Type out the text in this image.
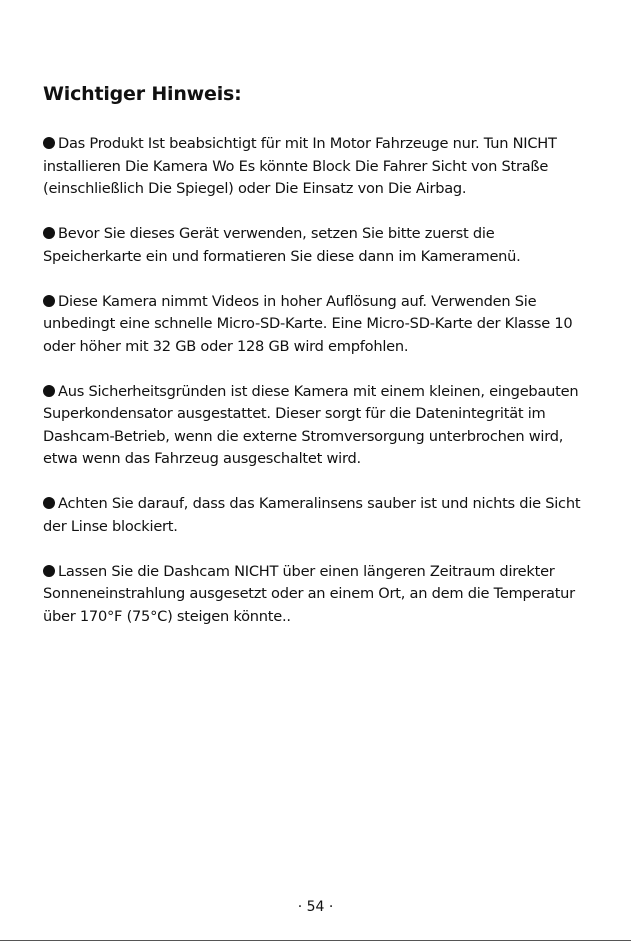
Wichtiger Hinweis:

Das Produkt Ist beabsichtigt für mit In Motor Fahrzeuge nur. Tun NICHT installieren Die Kamera Wo Es könnte Block Die Fahrer Sicht von Straße (einschließlich Die Spiegel) oder Die Einsatz von Die Airbag.

Bevor Sie dieses Gerät verwenden, setzen Sie bitte zuerst die Speicherkarte ein und formatieren Sie diese dann im Kameramenü.

Diese Kamera nimmt Videos in hoher Auflösung auf. Verwenden Sie unbedingt eine schnelle Micro-SD-Karte. Eine Micro-SD-Karte der Klasse 10 oder höher mit 32 GB oder 128 GB wird empfohlen.

Aus Sicherheitsgründen ist diese Kamera mit einem kleinen, eingebauten Superkondensator ausgestattet. Dieser sorgt für die Datenintegrität im Dashcam-Betrieb, wenn die externe Stromversorgung unterbrochen wird, etwa wenn das Fahrzeug ausgeschaltet wird.

Achten Sie darauf, dass das Kameralinsens sauber ist und nichts die Sicht der Linse blockiert.

Lassen Sie die Dashcam NICHT über einen längeren Zeitraum direkter Sonneneinstrahlung ausgesetzt oder an einem Ort, an dem die Temperatur über 170°F (75°C) steigen könnte..

· 54 ·
